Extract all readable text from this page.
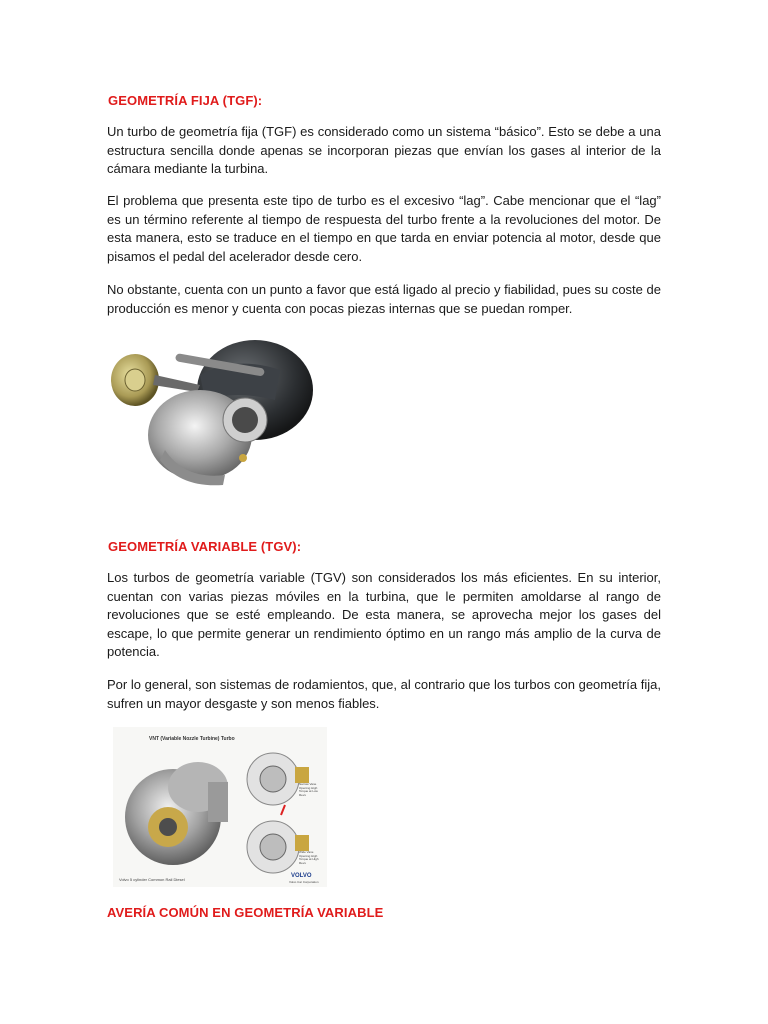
GEOMETRÍA FIJA (TGF):

Un turbo de geometría fija (TGF) es considerado como un sistema “básico”. Esto se debe a una estructura sencilla donde apenas se incorporan piezas que envían los gases al interior de la cámara mediante la turbina.

El problema que presenta este tipo de turbo es el excesivo “lag”. Cabe mencionar que el “lag” es un término referente al tiempo de respuesta del turbo frente a la revoluciones del motor. De esta manera, esto se traduce en el tiempo en que tarda en enviar potencia al motor, desde que pisamos el pedal del acelerador desde cero.

No obstante, cuenta con un punto a favor que está ligado al precio y fiabilidad, pues su coste de producción es menor y cuenta con pocas piezas internas que se puedan romper.

GEOMETRÍA VARIABLE (TGV):

Los turbos de geometría variable (TGV) son considerados los más eficientes. En su interior, cuentan con varias piezas móviles en la turbina, que le permiten amoldarse al rango de revoluciones que se esté empleando. De esta manera, se aprovecha mejor los gases del escape, lo que permite generar un rendimiento óptimo en un rango más amplio de la curva de potencia.

Por lo general, son sistemas de rodamientos, que, al contrario que los turbos con geometría fija, sufren un mayor desgaste y son menos fiables.

VNT (Variable Nozzle Turbine) Turbo
Narrow Vane Opening High Torque at Low Revs
Wide Vane Opening High Torque at High Revs
Volvo 5 cylinder Common Rail Diesel
VOLVO
Volvo Car Corporation
AVERÍA COMÚN EN GEOMETRÍA VARIABLE
